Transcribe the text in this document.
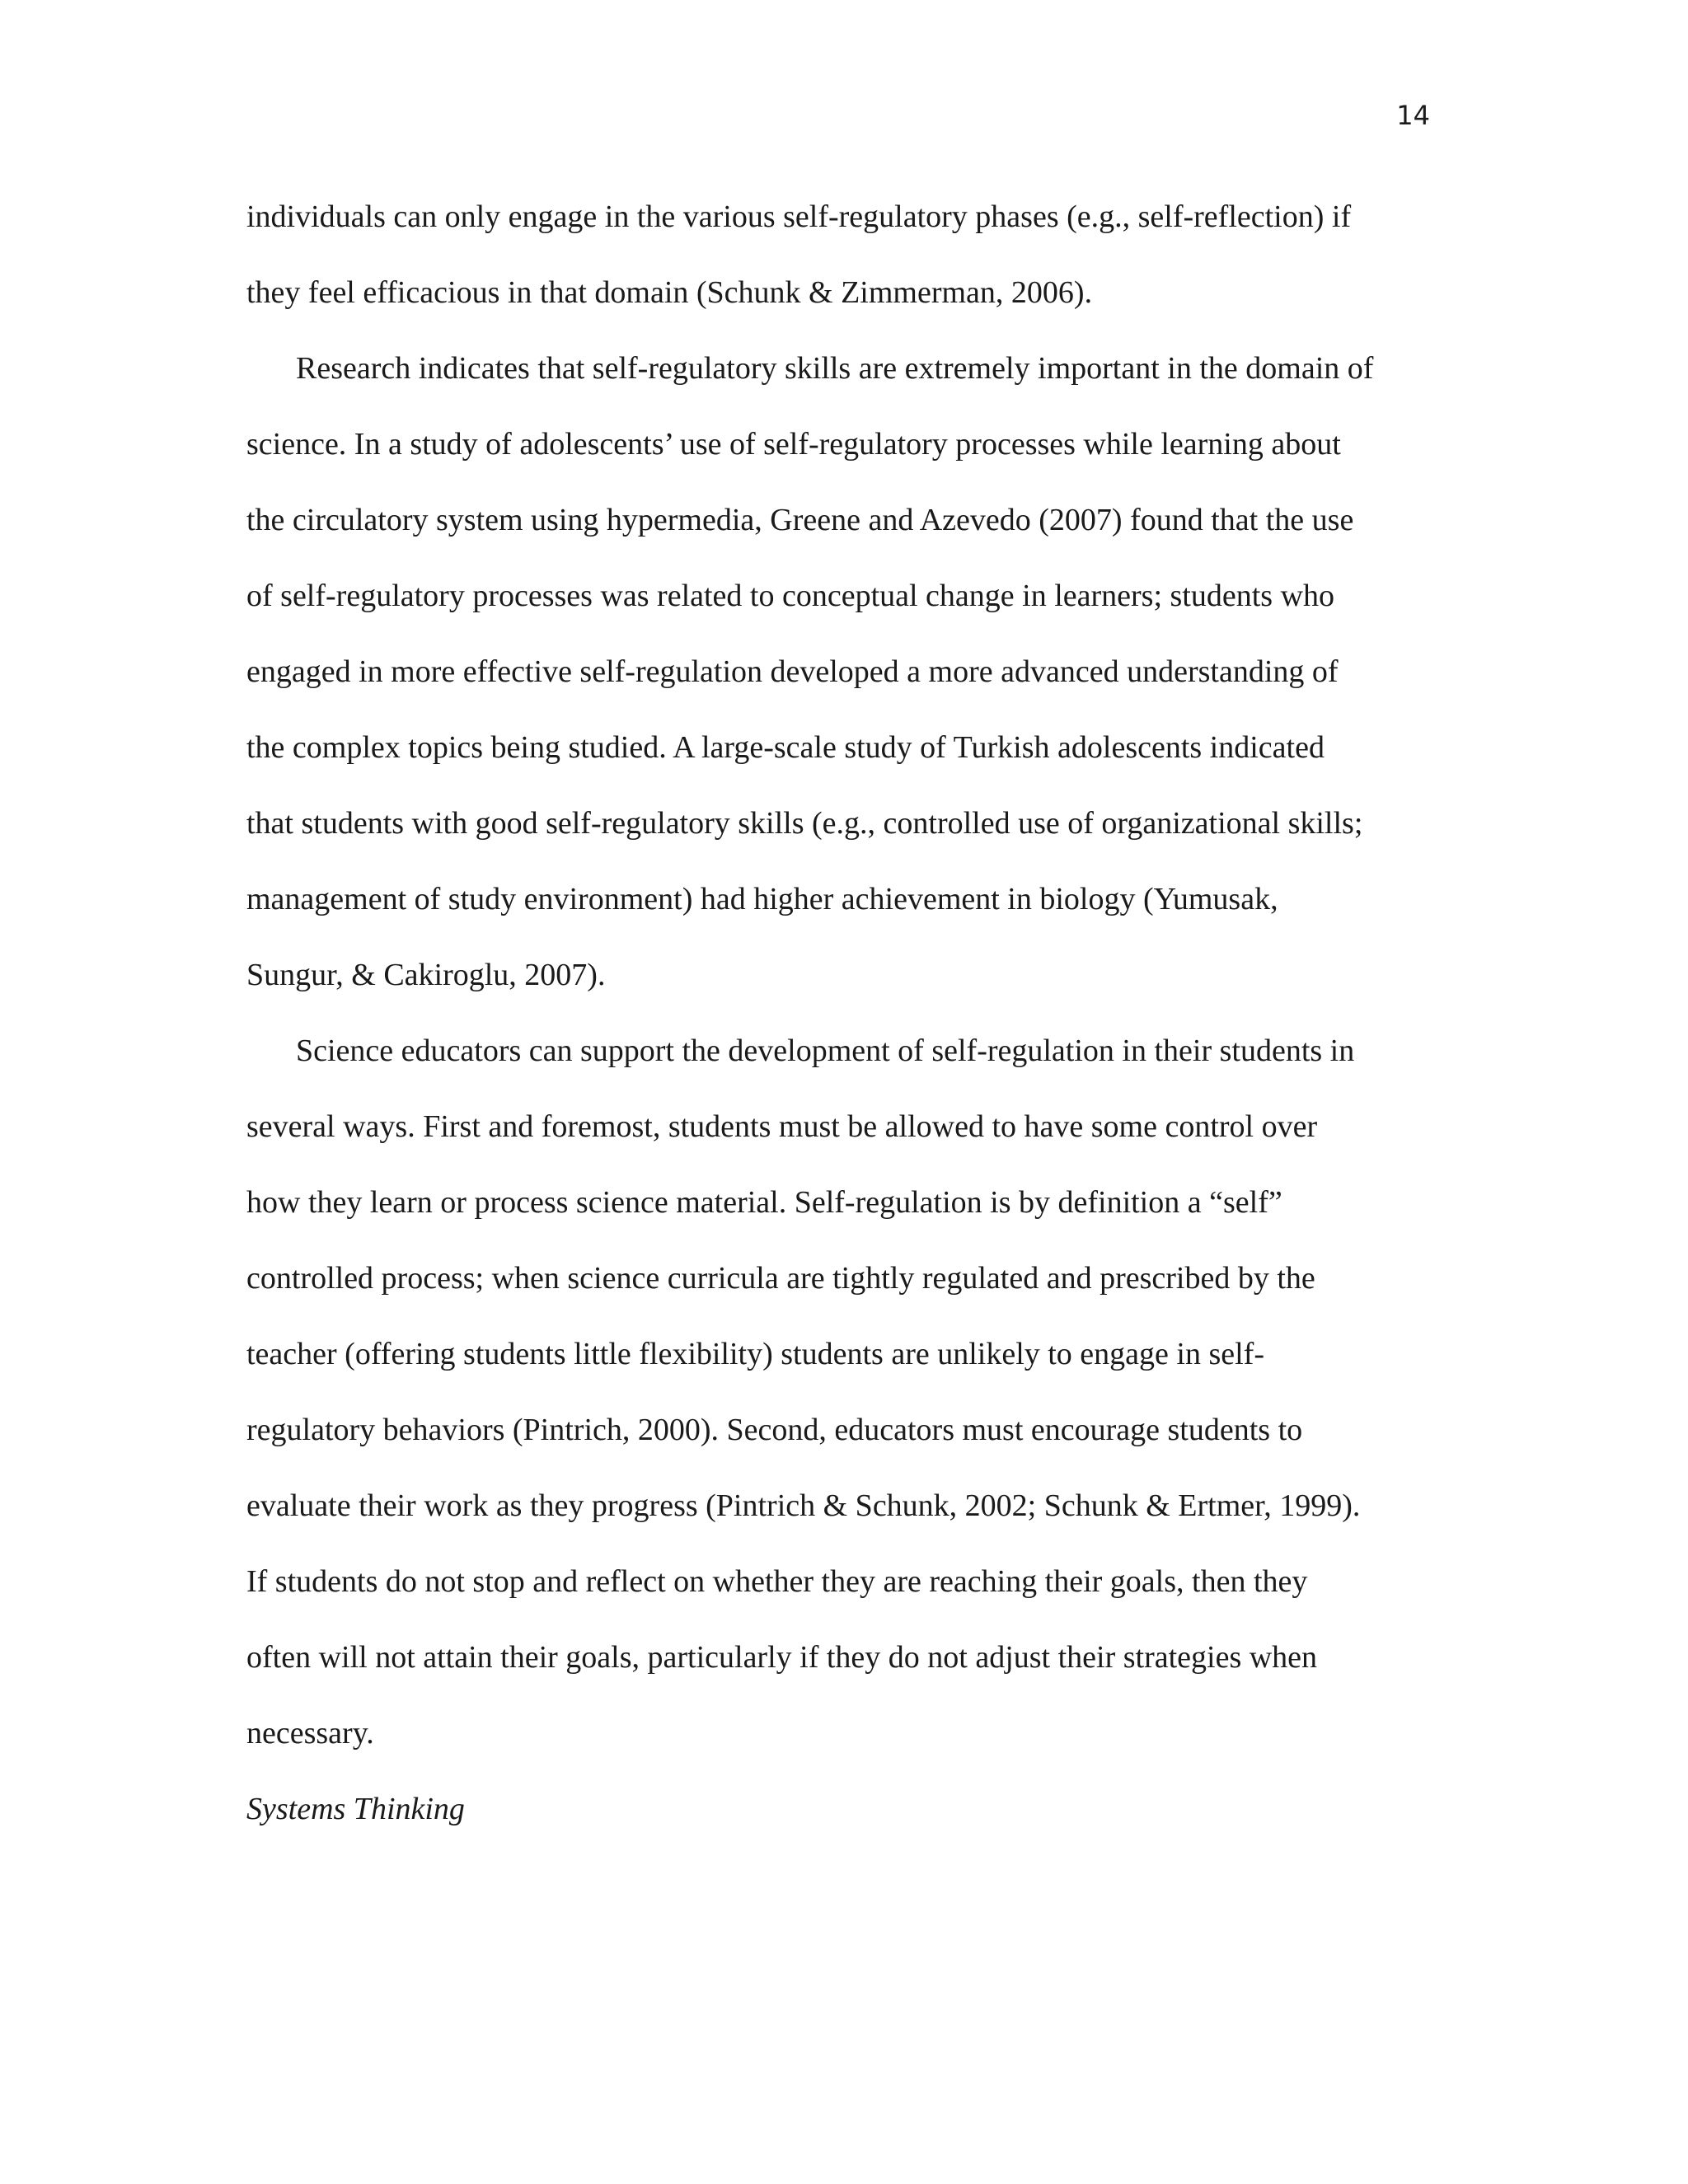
14
individuals can only engage in the various self-regulatory phases (e.g., self-reflection) if
they feel efficacious in that domain (Schunk & Zimmerman, 2006).
Research indicates that self-regulatory skills are extremely important in the domain of
science. In a study of adolescents’ use of self-regulatory processes while learning about
the circulatory system using hypermedia, Greene and Azevedo (2007) found that the use
of self-regulatory processes was related to conceptual change in learners; students who
engaged in more effective self-regulation developed a more advanced understanding of
the complex topics being studied. A large-scale study of Turkish adolescents indicated
that students with good self-regulatory skills (e.g., controlled use of organizational skills;
management of study environment) had higher achievement in biology (Yumusak,
Sungur, & Cakiroglu, 2007).
Science educators can support the development of self-regulation in their students in
several ways. First and foremost, students must be allowed to have some control over
how they learn or process science material. Self-regulation is by definition a “self”
controlled process; when science curricula are tightly regulated and prescribed by the
teacher (offering students little flexibility) students are unlikely to engage in self-
regulatory behaviors (Pintrich, 2000). Second, educators must encourage students to
evaluate their work as they progress (Pintrich & Schunk, 2002; Schunk & Ertmer, 1999).
If students do not stop and reflect on whether they are reaching their goals, then they
often will not attain their goals, particularly if they do not adjust their strategies when
necessary.
Systems Thinking
